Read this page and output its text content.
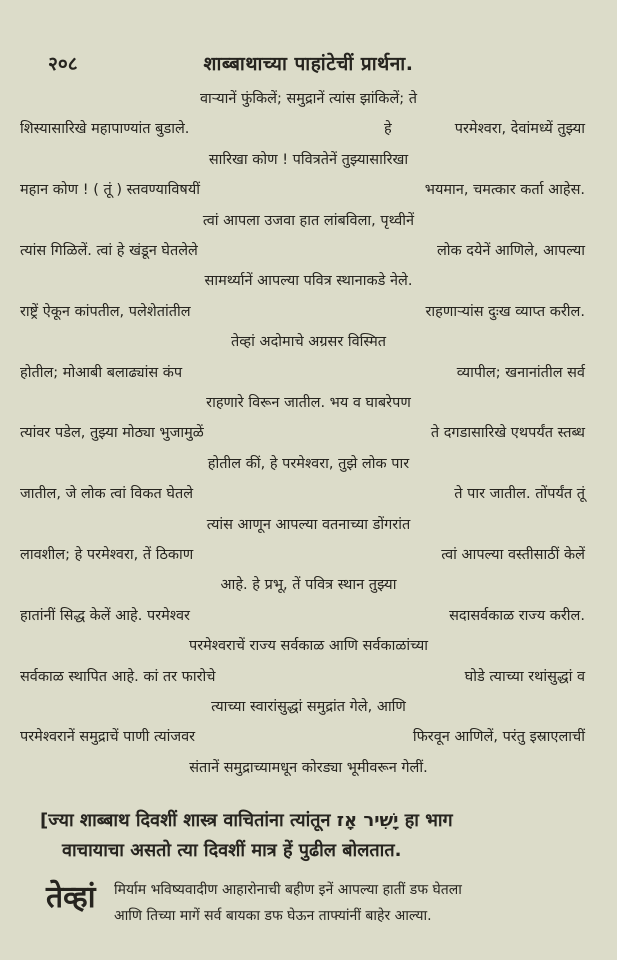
२०८	शाब्बाथाच्या पाहांटेचीं प्रार्थना.
वाऱ्यानें फुंकिलें; समुद्रानें त्यांस झांकिलें; ते
शिस्यासारिखे महापाण्यांत बुडाले.	हे	परमेश्वरा, देवांमध्यें तुझ्या
सारिखा कोण ! पवित्रतेनें तुझ्यासारिखा
महान कोण ! ( तूं ) स्तवण्याविषयीं	भयमान, चमत्कार कर्ता आहेस.
त्वां आपला उजवा हात लांबविला, पृथ्वीनें
त्यांस गिळिलें. त्वां हे खंडून घेतलेले	लोक दयेनें आणिले, आपल्या
सामर्थ्यानें आपल्या पवित्र स्थानाकडे नेले.
राष्ट्रें ऐकून कांपतील, पलेशेतांतील	राहणाऱ्यांस दुःख व्याप्त करील.
तेव्हां अदोमाचे अग्रसर विस्मित
होतील; मोआबी बलाढ्यांस कंप	व्यापील; खनानांतील सर्व
राहणारे विरून जातील. भय व घाबरेपण
त्यांवर पडेल, तुझ्या मोठ्या भुजामुळें	ते दगडासारिखे एथपर्यंत स्तब्ध
होतील कीं, हे परमेश्वरा, तुझे लोक पार
जातील, जे लोक त्वां विकत घेतले	ते पार जातील. तोंपर्यंत तूं
त्यांस आणून आपल्या वतनाच्या डोंगरांत
लावशील; हे परमेश्वरा, तें ठिकाण	त्वां आपल्या वस्तीसाठीं केलें
आहे. हे प्रभू, तें पवित्र स्थान तुझ्या
हातांनीं सिद्ध केलें आहे. परमेश्वर	सदासर्वकाळ राज्य करील.
परमेश्वराचें राज्य सर्वकाळ आणि सर्वकाळांच्या
सर्वकाळ स्थापित आहे. कां तर फारोचे	घोडे त्याच्या रथांसुद्धां व
त्याच्या स्वारांसुद्धां समुद्रांत गेले, आणि
परमेश्वरानें समुद्राचें पाणी त्यांजवर	फिरवून आणिलें, परंतु इस्राएलाचीं
संतानें समुद्राच्यामधून कोरड्या भूमीवरून गेलीं.
[ज्या शाब्बाथ दिवशीं शास्त्र वाचितांना त्यांतून יָשִׁיר אָז हा भाग
वाचायाचा असतो त्या दिवशीं मात्र हें पुढील बोलतात.
तेव्हां मिर्याम भविष्यवादीण आहारोनाची बहीण इनें आपल्या हातीं डफ घेतला
आणि तिच्या मागें सर्व बायका डफ घेऊन ताफ्यांनीं बाहेर आल्या.
